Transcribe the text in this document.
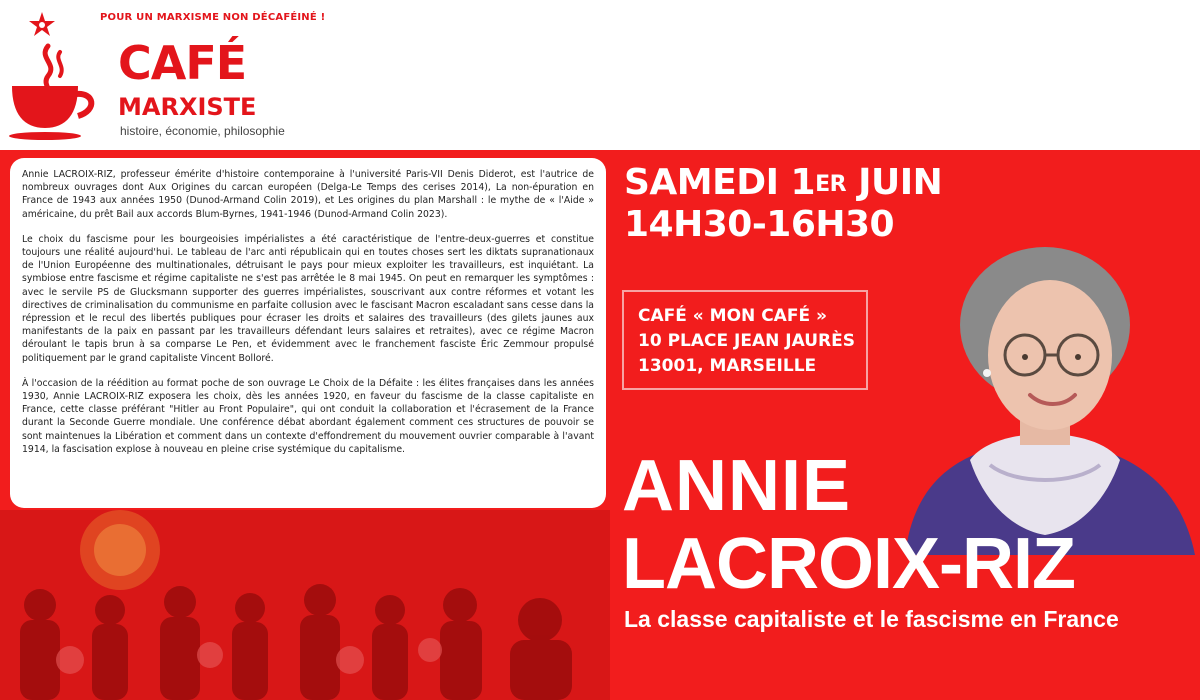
POUR UN MARXISME NON DÉCAFÉINÉ !
CAFÉ
MARXISTE
histoire, économie, philosophie

Annie LACROIX-RIZ, professeur émérite d'histoire contemporaine à l'université Paris-VII Denis Diderot, est l'autrice de nombreux ouvrages dont Aux Origines du carcan européen (Delga-Le Temps des cerises 2014), La non-épuration en France de 1943 aux années 1950 (Dunod-Armand Colin 2019), et Les origines du plan Marshall : le mythe de « l'Aide » américaine, du prêt Bail aux accords Blum-Byrnes, 1941-1946 (Dunod-Armand Colin 2023).

Le choix du fascisme pour les bourgeoisies impérialistes a été caractéristique de l'entre-deux-guerres et constitue toujours une réalité aujourd'hui. Le tableau de l'arc anti républicain qui en toutes choses sert les diktats supranationaux de l'Union Européenne des multinationales, détruisant le pays pour mieux exploiter les travailleurs, est inquiétant. La symbiose entre fascisme et régime capitaliste ne s'est pas arrêtée le 8 mai 1945. On peut en remarquer les symptômes : avec le servile PS de Glucksmann supporter des guerres impérialistes, souscrivant aux contre réformes et votant les directives de criminalisation du communisme en parfaite collusion avec le fascisant Macron escaladant sans cesse dans la répression et le recul des libertés publiques pour écraser les droits et salaires des travailleurs (des gilets jaunes aux manifestants de la paix en passant par les travailleurs défendant leurs salaires et retraites), avec ce régime Macron déroulant le tapis brun à sa comparse Le Pen, et évidemment avec le franchement fasciste Éric Zemmour propulsé politiquement par le grand capitaliste Vincent Bolloré.

À l'occasion de la réédition au format poche de son ouvrage Le Choix de la Défaite : les élites françaises dans les années 1930, Annie LACROIX-RIZ exposera les choix, dès les années 1920, en faveur du fascisme de la classe capitaliste en France, cette classe préférant "Hitler au Front Populaire", qui ont conduit la collaboration et l'écrasement de la France durant la Seconde Guerre mondiale. Une conférence débat abordant également comment ces structures de pouvoir se sont maintenues la Libération et comment dans un contexte d'effondrement du mouvement ouvrier comparable à l'avant 1914, la fascisation explose à nouveau en pleine crise systémique du capitalisme.

SAMEDI 1ER JUIN
14H30-16H30
CAFÉ « MON CAFÉ »
10 PLACE JEAN JAURÈS
13001, MARSEILLE
ANNIE
LACROIX-RIZ
La classe capitaliste et le fascisme en France
